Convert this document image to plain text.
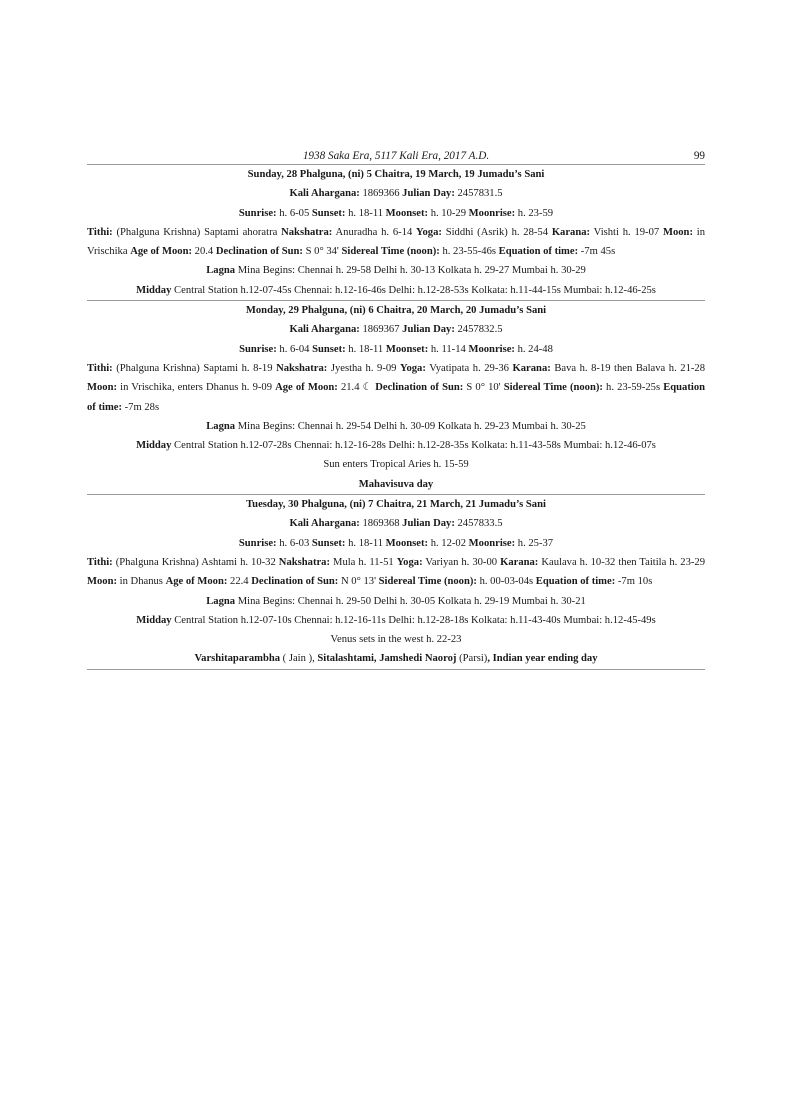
1938 Saka Era, 5117 Kali Era, 2017 A.D.	99
Sunday, 28 Phalguna, (ni) 5 Chaitra, 19 March, 19 Jumadu’s Sani
Kali Ahargana: 1869366 Julian Day: 2457831.5
Sunrise: h. 6-05 Sunset: h. 18-11 Moonset: h. 10-29 Moonrise: h. 23-59
Tithi: (Phalguna Krishna) Saptami ahoratra Nakshatra: Anuradha h. 6-14 Yoga: Siddhi (Asrik) h. 28-54 Karana: Vishti h. 19-07 Moon: in Vrischika Age of Moon: 20.4 Declination of Sun: S 0° 34' Sidereal Time (noon): h. 23-55-46s Equation of time: -7m 45s
Lagna Mina Begins: Chennai h. 29-58 Delhi h. 30-13 Kolkata h. 29-27 Mumbai h. 30-29
Midday Central Station h.12-07-45s Chennai: h.12-16-46s Delhi: h.12-28-53s Kolkata: h.11-44-15s Mumbai: h.12-46-25s
Monday, 29 Phalguna, (ni) 6 Chaitra, 20 March, 20 Jumadu’s Sani
Kali Ahargana: 1869367 Julian Day: 2457832.5
Sunrise: h. 6-04 Sunset: h. 18-11 Moonset: h. 11-14 Moonrise: h. 24-48
Tithi: (Phalguna Krishna) Saptami h. 8-19 Nakshatra: Jyestha h. 9-09 Yoga: Vyatipata h. 29-36 Karana: Bava h. 8-19 then Balava h. 21-28 Moon: in Vrischika, enters Dhanus h. 9-09 Age of Moon: 21.4 ☾ Declination of Sun: S 0° 10' Sidereal Time (noon): h. 23-59-25s Equation of time: -7m 28s
Lagna Mina Begins: Chennai h. 29-54 Delhi h. 30-09 Kolkata h. 29-23 Mumbai h. 30-25
Midday Central Station h.12-07-28s Chennai: h.12-16-28s Delhi: h.12-28-35s Kolkata: h.11-43-58s Mumbai: h.12-46-07s
Sun enters Tropical Aries h. 15-59
Mahavisuva day
Tuesday, 30 Phalguna, (ni) 7 Chaitra, 21 March, 21 Jumadu’s Sani
Kali Ahargana: 1869368 Julian Day: 2457833.5
Sunrise: h. 6-03 Sunset: h. 18-11 Moonset: h. 12-02 Moonrise: h. 25-37
Tithi: (Phalguna Krishna) Ashtami h. 10-32 Nakshatra: Mula h. 11-51 Yoga: Variyan h. 30-00 Karana: Kaulava h. 10-32 then Taitila h. 23-29 Moon: in Dhanus Age of Moon: 22.4 Declination of Sun: N 0° 13' Sidereal Time (noon): h. 00-03-04s Equation of time: -7m 10s
Lagna Mina Begins: Chennai h. 29-50 Delhi h. 30-05 Kolkata h. 29-19 Mumbai h. 30-21
Midday Central Station h.12-07-10s Chennai: h.12-16-11s Delhi: h.12-28-18s Kolkata: h.11-43-40s Mumbai: h.12-45-49s
Venus sets in the west h. 22-23
Varshitaparambha ( Jain ), Sitalashtami, Jamshedi Naoroj (Parsi), Indian year ending day
